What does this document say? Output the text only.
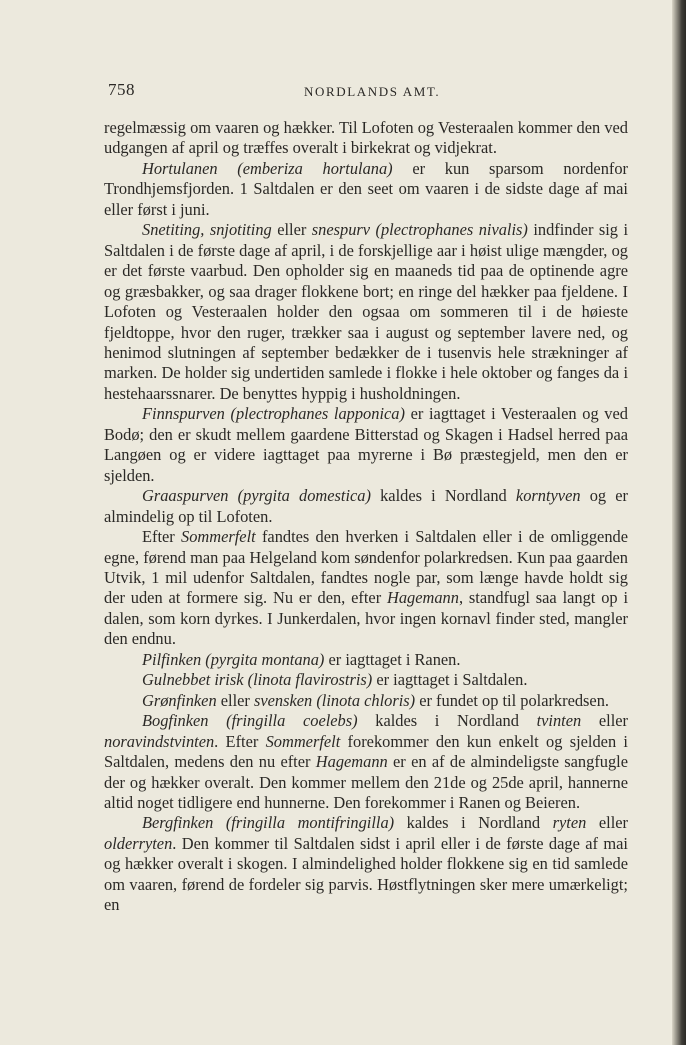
758	NORDLANDS AMT.

regelmæssig om vaaren og hækker. Til Lofoten og Vesteraalen kommer den ved udgangen af april og træffes overalt i birkekrat og vidjekrat.

Hortulanen (emberiza hortulana) er kun sparsom nordenfor Trondhjemsfjorden. 1 Saltdalen er den seet om vaaren i de sidste dage af mai eller først i juni.

Snetiting, snjotiting eller snespurv (plectrophanes nivalis) indfinder sig i Saltdalen i de første dage af april, i de forskjellige aar i høist ulige mængder, og er det første vaarbud. Den opholder sig en maaneds tid paa de optinende agre og græsbakker, og saa drager flokkene bort; en ringe del hækker paa fjeldene. I Lofoten og Vesteraalen holder den ogsaa om sommeren til i de høieste fjeldtoppe, hvor den ruger, trækker saa i august og september lavere ned, og henimod slutningen af september bedækker de i tusenvis hele strækninger af marken. De holder sig undertiden samlede i flokke i hele oktober og fanges da i hestehaarssnarer. De benyttes hyppig i husholdningen.

Finnspurven (plectrophanes lapponica) er iagttaget i Vesteraalen og ved Bodø; den er skudt mellem gaardene Bitterstad og Skagen i Hadsel herred paa Langøen og er videre iagttaget paa myrerne i Bø præstegjeld, men den er sjelden.

Graaspurven (pyrgita domestica) kaldes i Nordland korntyven og er almindelig op til Lofoten.

Efter Sommerfelt fandtes den hverken i Saltdalen eller i de omliggende egne, førend man paa Helgeland kom søndenfor polarkredsen. Kun paa gaarden Utvik, 1 mil udenfor Saltdalen, fandtes nogle par, som længe havde holdt sig der uden at formere sig. Nu er den, efter Hagemann, standfugl saa langt op i dalen, som korn dyrkes. I Junkerdalen, hvor ingen kornavl finder sted, mangler den endnu.

Pilfinken (pyrgita montana) er iagttaget i Ranen.

Gulnebbet irisk (linota flavirostris) er iagttaget i Saltdalen.

Grønfinken eller svensken (linota chloris) er fundet op til polarkredsen.

Bogfinken (fringilla coelebs) kaldes i Nordland tvinten eller noravindstvinten. Efter Sommerfelt forekommer den kun enkelt og sjelden i Saltdalen, medens den nu efter Hagemann er en af de almindeligste sangfugle der og hækker overalt. Den kommer mellem den 21de og 25de april, hannerne altid noget tidligere end hunnerne. Den forekommer i Ranen og Beieren.

Bergfinken (fringilla montifringilla) kaldes i Nordland ryten eller olderryten. Den kommer til Saltdalen sidst i april eller i de første dage af mai og hækker overalt i skogen. I almindelighed holder flokkene sig en tid samlede om vaaren, førend de fordeler sig parvis. Høstflytningen sker mere umærkeligt; en
